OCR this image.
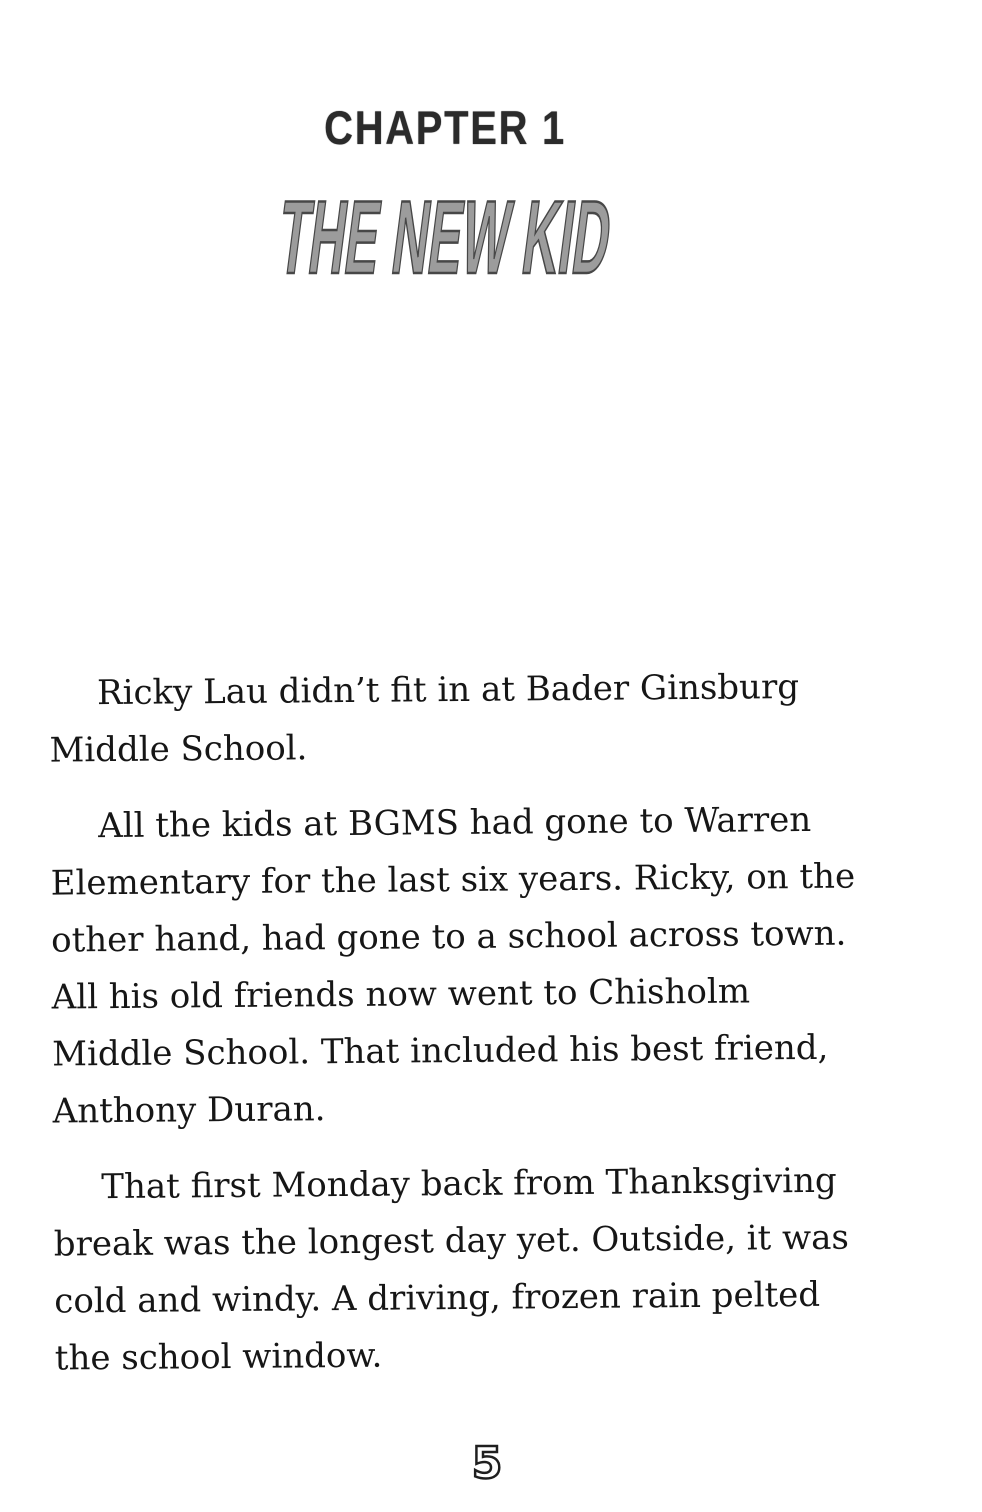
CHAPTER 1
THE NEW KID

Ricky Lau didn’t fit in at Bader Ginsburg
Middle School.

All the kids at BGMS had gone to Warren
Elementary for the last six years. Ricky, on the
other hand, had gone to a school across town.
All his old friends now went to Chisholm
Middle School. That included his best friend,
Anthony Duran.

That first Monday back from Thanksgiving
break was the longest day yet. Outside, it was
cold and windy. A driving, frozen rain pelted
the school window.

5
